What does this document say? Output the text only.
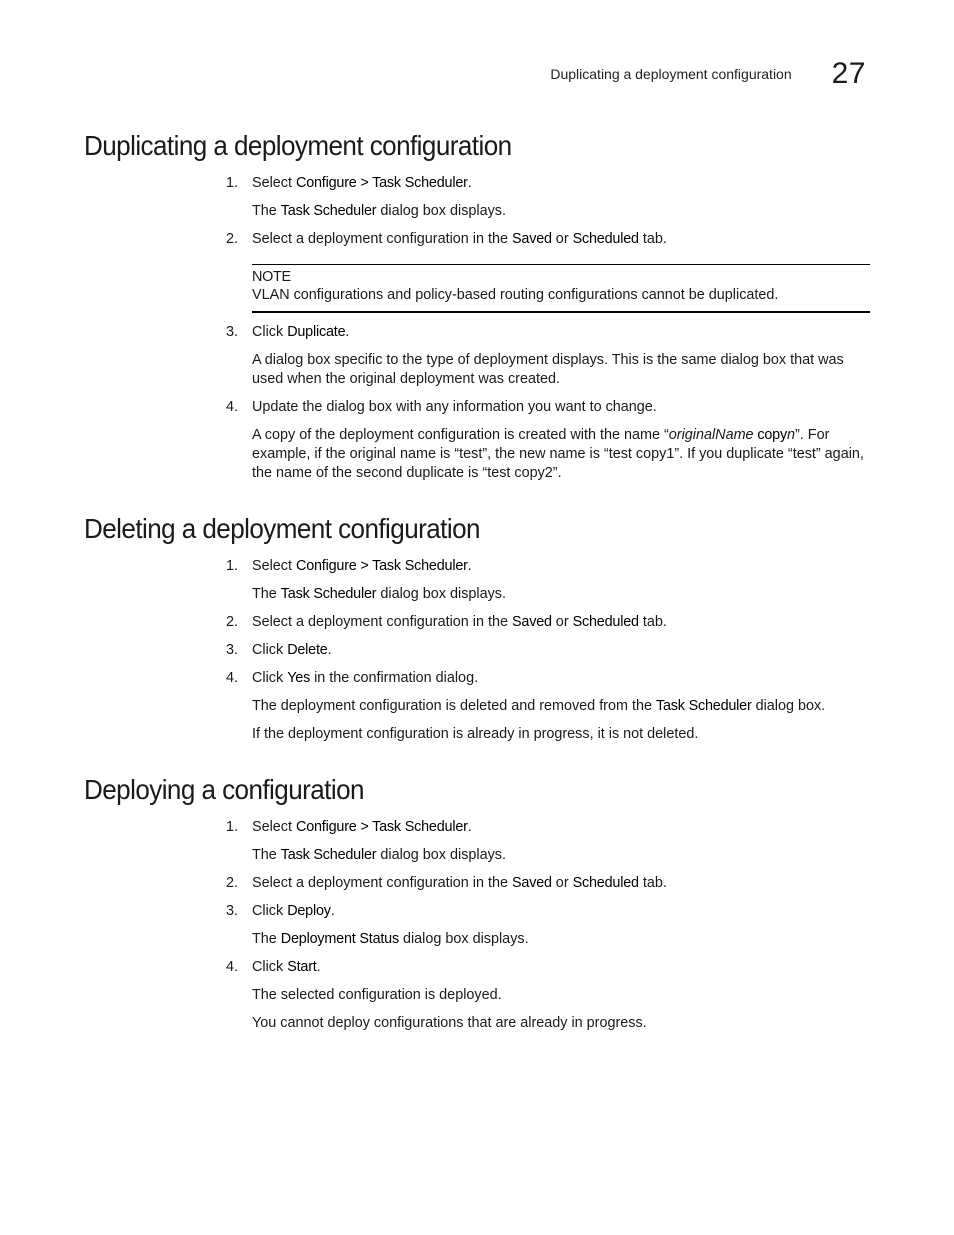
Duplicating a deployment configuration 27
Duplicating a deployment configuration
1. Select Configure > Task Scheduler.
The Task Scheduler dialog box displays.
2. Select a deployment configuration in the Saved or Scheduled tab.
NOTE
VLAN configurations and policy-based routing configurations cannot be duplicated.
3. Click Duplicate.
A dialog box specific to the type of deployment displays. This is the same dialog box that was used when the original deployment was created.
4. Update the dialog box with any information you want to change.
A copy of the deployment configuration is created with the name “originalName copyn”. For example, if the original name is “test”, the new name is “test copy1”. If you duplicate “test” again, the name of the second duplicate is “test copy2”.
Deleting a deployment configuration
1. Select Configure > Task Scheduler.
The Task Scheduler dialog box displays.
2. Select a deployment configuration in the Saved or Scheduled tab.
3. Click Delete.
4. Click Yes in the confirmation dialog.
The deployment configuration is deleted and removed from the Task Scheduler dialog box.
If the deployment configuration is already in progress, it is not deleted.
Deploying a configuration
1. Select Configure > Task Scheduler.
The Task Scheduler dialog box displays.
2. Select a deployment configuration in the Saved or Scheduled tab.
3. Click Deploy.
The Deployment Status dialog box displays.
4. Click Start.
The selected configuration is deployed.
You cannot deploy configurations that are already in progress.
